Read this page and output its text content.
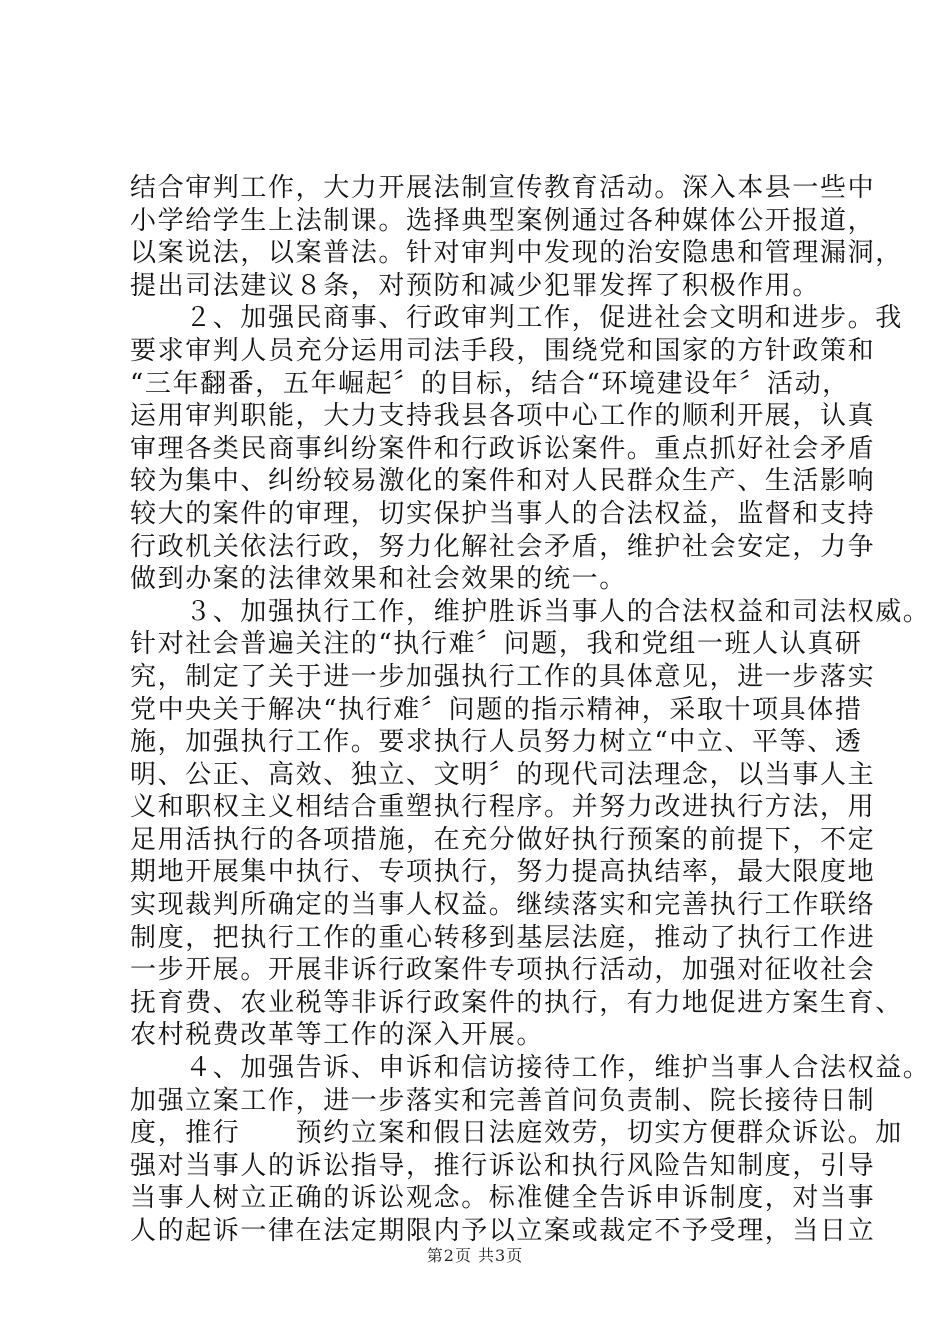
结合审判工作，大力开展法制宣传教育活动。深入本县一些中
小学给学生上法制课。选择典型案例通过各种媒体公开报道，
以案说法，以案普法。针对审判中发现的治安隐患和管理漏洞，
提出司法建议８条，对预防和减少犯罪发挥了积极作用。
　　２、加强民商事、行政审判工作，促进社会文明和进步。我
要求审判人员充分运用司法手段，围绕党和国家的方针政策和
“三年翻番，五年崛起〞的目标，结合“环境建设年〞活动，
运用审判职能，大力支持我县各项中心工作的顺利开展，认真
审理各类民商事纠纷案件和行政诉讼案件。重点抓好社会矛盾
较为集中、纠纷较易激化的案件和对人民群众生产、生活影响
较大的案件的审理，切实保护当事人的合法权益，监督和支持
行政机关依法行政，努力化解社会矛盾，维护社会安定，力争
做到办案的法律效果和社会效果的统一。
　　３、加强执行工作，维护胜诉当事人的合法权益和司法权威。
针对社会普遍关注的“执行难〞问题，我和党组一班人认真研
究，制定了关于进一步加强执行工作的具体意见，进一步落实
党中央关于解决“执行难〞问题的指示精神，采取十项具体措
施，加强执行工作。要求执行人员努力树立“中立、平等、透
明、公正、高效、独立、文明〞的现代司法理念，以当事人主
义和职权主义相结合重塑执行程序。并努力改进执行方法，用
足用活执行的各项措施，在充分做好执行预案的前提下，不定
期地开展集中执行、专项执行，努力提高执结率，最大限度地
实现裁判所确定的当事人权益。继续落实和完善执行工作联络
制度，把执行工作的重心转移到基层法庭，推动了执行工作进
一步开展。开展非诉行政案件专项执行活动，加强对征收社会
抚育费、农业税等非诉行政案件的执行，有力地促进方案生育、
农村税费改革等工作的深入开展。
　　４、加强告诉、申诉和信访接待工作，维护当事人合法权益。
加强立案工作，进一步落实和完善首问负责制、院长接待日制
度，推行　　预约立案和假日法庭效劳，切实方便群众诉讼。加
强对当事人的诉讼指导，推行诉讼和执行风险告知制度，引导
当事人树立正确的诉讼观念。标准健全告诉申诉制度，对当事
人的起诉一律在法定期限内予以立案或裁定不予受理，当日立
第2页 共3页
